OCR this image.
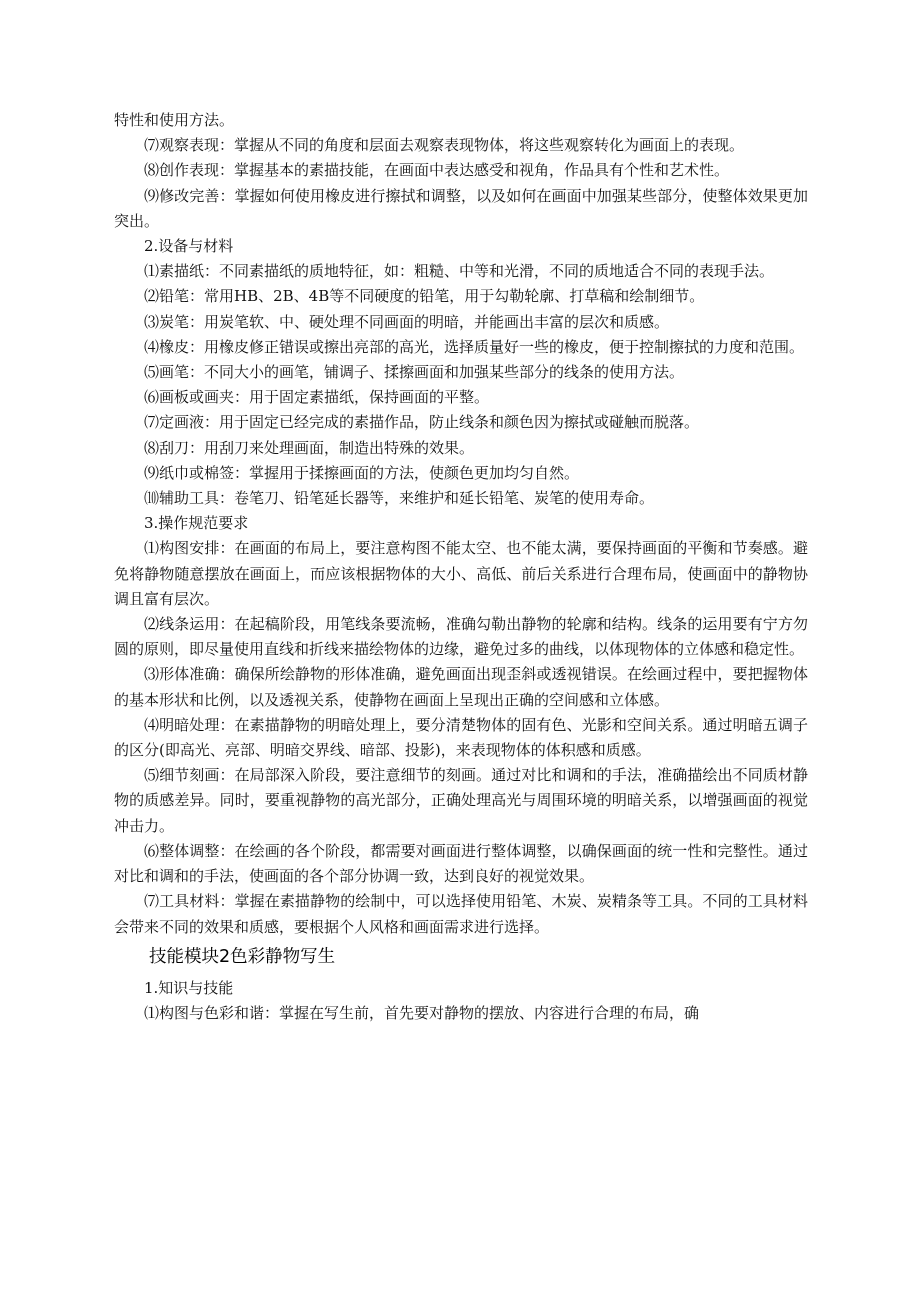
特性和使用方法。

⑺观察表现：掌握从不同的角度和层面去观察表现物体，将这些观察转化为画面上的表现。

⑻创作表现：掌握基本的素描技能，在画面中表达感受和视角，作品具有个性和艺术性。

⑼修改完善：掌握如何使用橡皮进行擦拭和调整，以及如何在画面中加强某些部分，使整体效果更加突出。

2.设备与材料

⑴素描纸：不同素描纸的质地特征，如：粗糙、中等和光滑，不同的质地适合不同的表现手法。

⑵铅笔：常用HB、2B、4B等不同硬度的铅笔，用于勾勒轮廓、打草稿和绘制细节。

⑶炭笔：用炭笔软、中、硬处理不同画面的明暗，并能画出丰富的层次和质感。

⑷橡皮：用橡皮修正错误或擦出亮部的高光，选择质量好一些的橡皮，便于控制擦拭的力度和范围。

⑸画笔：不同大小的画笔，铺调子、揉擦画面和加强某些部分的线条的使用方法。

⑹画板或画夹：用于固定素描纸，保持画面的平整。

⑺定画液：用于固定已经完成的素描作品，防止线条和颜色因为擦拭或碰触而脱落。

⑻刮刀：用刮刀来处理画面，制造出特殊的效果。

⑼纸巾或棉签：掌握用于揉擦画面的方法，使颜色更加均匀自然。

⑽辅助工具：卷笔刀、铅笔延长器等，来维护和延长铅笔、炭笔的使用寿命。

3.操作规范要求

⑴构图安排：在画面的布局上，要注意构图不能太空、也不能太满，要保持画面的平衡和节奏感。避免将静物随意摆放在画面上，而应该根据物体的大小、高低、前后关系进行合理布局，使画面中的静物协调且富有层次。

⑵线条运用：在起稿阶段，用笔线条要流畅，准确勾勒出静物的轮廓和结构。线条的运用要有宁方勿圆的原则，即尽量使用直线和折线来描绘物体的边缘，避免过多的曲线，以体现物体的立体感和稳定性。

⑶形体准确：确保所绘静物的形体准确，避免画面出现歪斜或透视错误。在绘画过程中，要把握物体的基本形状和比例，以及透视关系，使静物在画面上呈现出正确的空间感和立体感。

⑷明暗处理：在素描静物的明暗处理上，要分清楚物体的固有色、光影和空间关系。通过明暗五调子的区分(即高光、亮部、明暗交界线、暗部、投影)，来表现物体的体积感和质感。

⑸细节刻画：在局部深入阶段，要注意细节的刻画。通过对比和调和的手法，准确描绘出不同质材静物的质感差异。同时，要重视静物的高光部分，正确处理高光与周围环境的明暗关系，以增强画面的视觉冲击力。

⑹整体调整：在绘画的各个阶段，都需要对画面进行整体调整，以确保画面的统一性和完整性。通过对比和调和的手法，使画面的各个部分协调一致，达到良好的视觉效果。

⑺工具材料：掌握在素描静物的绘制中，可以选择使用铅笔、木炭、炭精条等工具。不同的工具材料会带来不同的效果和质感，要根据个人风格和画面需求进行选择。

技能模块2色彩静物写生

1.知识与技能

⑴构图与色彩和谐：掌握在写生前，首先要对静物的摆放、内容进行合理的布局，确
